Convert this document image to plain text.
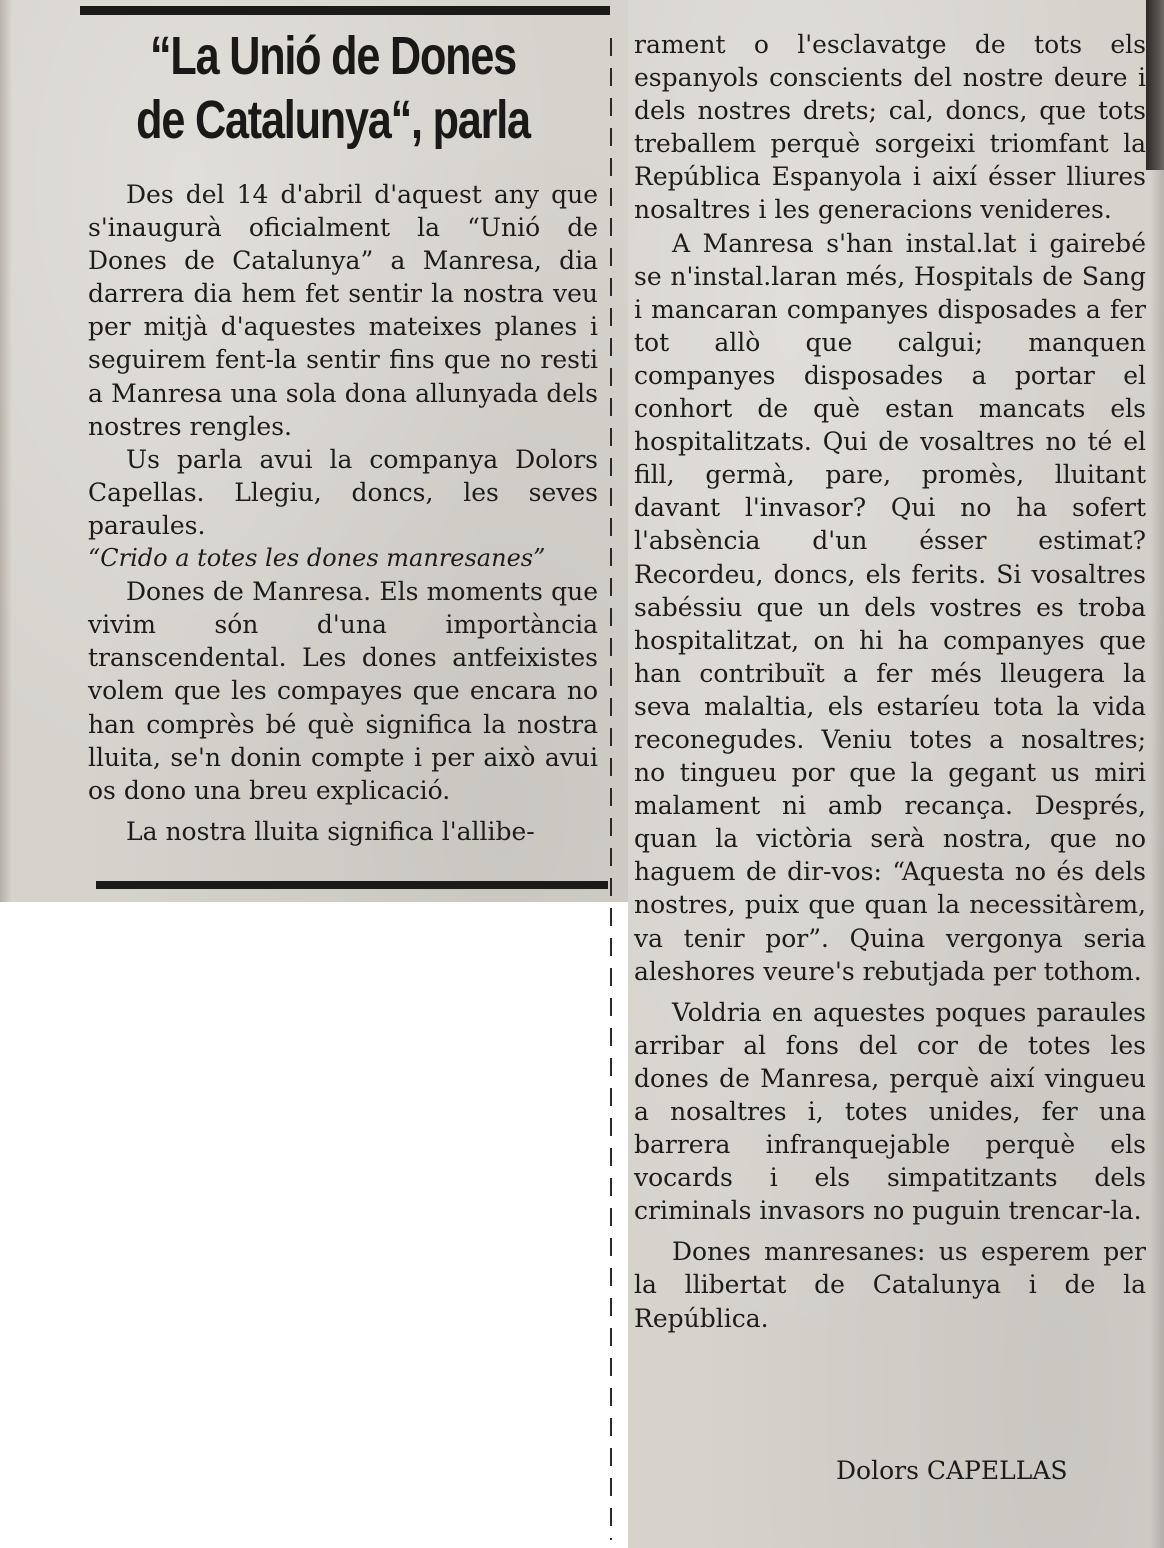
“La Unió de Dones de Catalunya“, parla

Des del 14 d'abril d'aquest any que s'inaugurà oficialment la “Unió de Dones de Catalunya” a Manresa, dia darrera dia hem fet sentir la nostra veu per mitjà d'aquestes mateixes planes i seguirem fent-la sentir fins que no resti a Manresa una sola dona allunyada dels nostres rengles.

Us parla avui la companya Dolors Capellas. Llegiu, doncs, les seves paraules.

“Crido a totes les dones manresanes”

Dones de Manresa. Els moments que vivim són d'una importància transcendental. Les dones antfeixistes volem que les compayes que encara no han comprès bé què significa la nostra lluita, se'n donin compte i per això avui os dono una breu explicació.

La nostra lluita significa l'allibe-

rament o l'esclavatge de tots els espanyols conscients del nostre deure i dels nostres drets; cal, doncs, que tots treballem perquè sorgeixi triomfant la República Espanyola i així ésser lliures nosaltres i les generacions venideres.

A Manresa s'han instal.lat i gairebé se n'instal.laran més, Hospitals de Sang i mancaran companyes disposades a fer tot allò que calgui; manquen companyes disposades a portar el conhort de què estan mancats els hospitalitzats. Qui de vosaltres no té el fill, germà, pare, promès, lluitant davant l'invasor? Qui no ha sofert l'absència d'un ésser estimat? Recordeu, doncs, els ferits. Si vosaltres sabéssiu que un dels vostres es troba hospitalitzat, on hi ha companyes que han contribuït a fer més lleugera la seva malaltia, els estaríeu tota la vida reconegudes. Veniu totes a nosaltres; no tingueu por que la gegant us miri malament ni amb recança. Després, quan la victòria serà nostra, que no haguem de dir-vos: “Aquesta no és dels nostres, puix que quan la necessitàrem, va tenir por”. Quina vergonya seria aleshores veure's rebutjada per tothom.

Voldria en aquestes poques paraules arribar al fons del cor de totes les dones de Manresa, perquè així vingueu a nosaltres i, totes unides, fer una barrera infranquejable perquè els vocards i els simpatitzants dels criminals invasors no puguin trencar-la.

Dones manresanes: us esperem per la llibertat de Catalunya i de la República.

Dolors CAPELLAS
